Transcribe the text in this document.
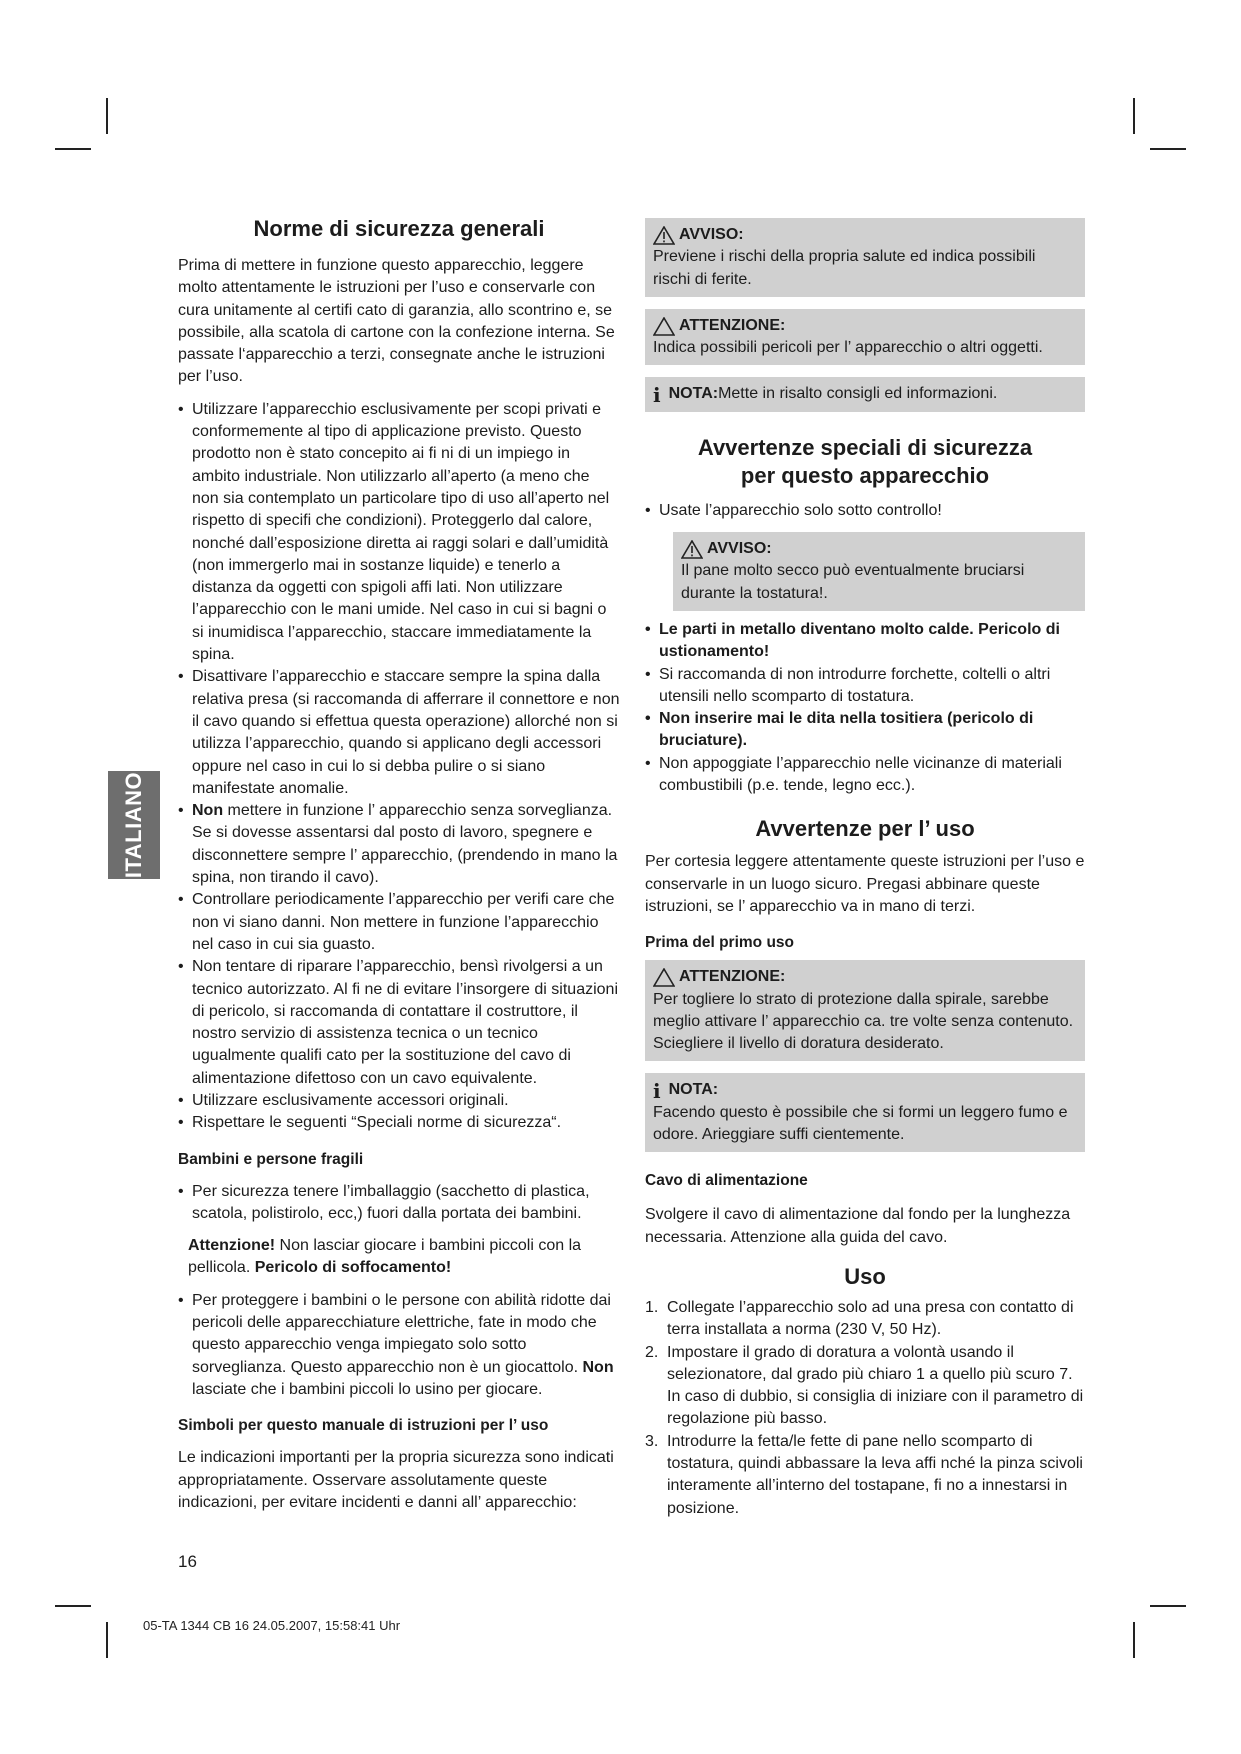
ITALIANO
Norme di sicurezza generali

Prima di mettere in funzione questo apparecchio, leggere molto attentamente le istruzioni per l’uso e conservarle con cura unitamente al certifi cato di garanzia, allo scontrino e, se possibile, alla scatola di cartone con la confezione interna. Se passate l‘apparecchio a terzi, consegnate anche le istruzioni per l’uso.

• Utilizzare l’apparecchio esclusivamente per scopi privati e conformemente al tipo di applicazione previsto. Questo prodotto non è stato concepito ai fi ni di un impiego in ambito industriale. Non utilizzarlo all’aperto (a meno che non sia contemplato un particolare tipo di uso all’aperto nel rispetto di specifi che condizioni). Proteggerlo dal calore, nonché dall’esposizione diretta ai raggi solari e dall’umidità (non immergerlo mai in sostanze liquide) e tenerlo a distanza da oggetti con spigoli affi lati. Non utilizzare l’apparecchio con le mani umide. Nel caso in cui si bagni o si inumidisca l’apparecchio, staccare immediatamente la spina.
• Disattivare l’apparecchio e staccare sempre la spina dalla relativa presa (si raccomanda di afferrare il connettore e non il cavo quando si effettua questa operazione) allorché non si utilizza l’apparecchio, quando si applicano degli accessori oppure nel caso in cui lo si debba pulire o si siano manifestate anomalie.
• Non mettere in funzione l’ apparecchio senza sorveglianza. Se si dovesse assentarsi dal posto di lavoro, spegnere e disconnettere sempre l’ apparecchio, (prendendo in mano la spina, non tirando il cavo).
• Controllare periodicamente l’apparecchio per verifi care che non vi siano danni. Non mettere in funzione l’apparecchio nel caso in cui sia guasto.
• Non tentare di riparare l’apparecchio, bensì rivolgersi a un tecnico autorizzato. Al fi ne di evitare l’insorgere di situazioni di pericolo, si raccomanda di contattare il costruttore, il nostro servizio di assistenza tecnica o un tecnico ugualmente qualifi cato per la sostituzione del cavo di alimentazione difettoso con un cavo equivalente.
• Utilizzare esclusivamente accessori originali.
• Rispettare le seguenti “Speciali norme di sicurezza“.
Bambini e persone fragili
• Per sicurezza tenere l’imballaggio (sacchetto di plastica, scatola, polistirolo, ecc,) fuori dalla portata dei bambini.

Attenzione! Non lasciar giocare i bambini piccoli con la pellicola. Pericolo di soffocamento!

• Per proteggere i bambini o le persone con abilità ridotte dai pericoli delle apparecchiature elettriche, fate in modo che questo apparecchio venga impiegato solo sotto sorveglianza. Questo apparecchio non è un giocattolo. Non lasciate che i bambini piccoli lo usino per giocare.
Simboli per questo manuale di istruzioni per l’ uso

Le indicazioni importanti per la propria sicurezza sono indicati appropriatamente. Osservare assolutamente queste indicazioni, per evitare incidenti e danni all’ apparecchio:

AVVISO:

Previene i rischi della propria salute ed indica possibili rischi di ferite.

ATTENZIONE:

Indica possibili pericoli per l’ apparecchio o altri oggetti.

i NOTA: Mette in risalto consigli ed informazioni.
Avvertenze speciali di sicurezza
per questo apparecchio
• Usate l’apparecchio solo sotto controllo!
AVVISO:

Il pane molto secco può eventualmente bruciarsi durante la tostatura!.

• Le parti in metallo diventano molto calde. Pericolo di ustionamento!
• Si raccomanda di non introdurre forchette, coltelli o altri utensili nello scomparto di tostatura.
• Non inserire mai le dita nella tositiera (pericolo di bruciature).
• Non appoggiate l’apparecchio nelle vicinanze di materiali combustibili (p.e. tende, legno ecc.).
Avvertenze per l’ uso

Per cortesia leggere attentamente queste istruzioni per l’uso e conservarle in un luogo sicuro. Pregasi abbinare queste istruzioni, se l’ apparecchio va in mano di terzi.

Prima del primo uso
ATTENZIONE:

Per togliere lo strato di protezione dalla spirale, sarebbe meglio attivare l’ apparecchio ca. tre volte senza contenuto. Sciegliere il livello di doratura desiderato.

i NOTA:

Facendo questo è possibile che si formi un leggero fumo e odore. Arieggiare suffi cientemente.

Cavo di alimentazione

Svolgere il cavo di alimentazione dal fondo per la lunghezza necessaria. Attenzione alla guida del cavo.

Uso
1. Collegate l’apparecchio solo ad una presa con contatto di terra installata a norma (230 V, 50 Hz).
2. Impostare il grado di doratura a volontà usando il selezionatore, dal grado più chiaro 1 a quello più scuro 7. In caso di dubbio, si consiglia di iniziare con il parametro di regolazione più basso.
3. Introdurre la fetta/le fette di pane nello scomparto di tostatura, quindi abbassare la leva affi nché la pinza scivoli interamente all’interno del tostapane, fi no a innestarsi in posizione.
16
05-TA 1344 CB 16 24.05.2007, 15:58:41 Uhr
